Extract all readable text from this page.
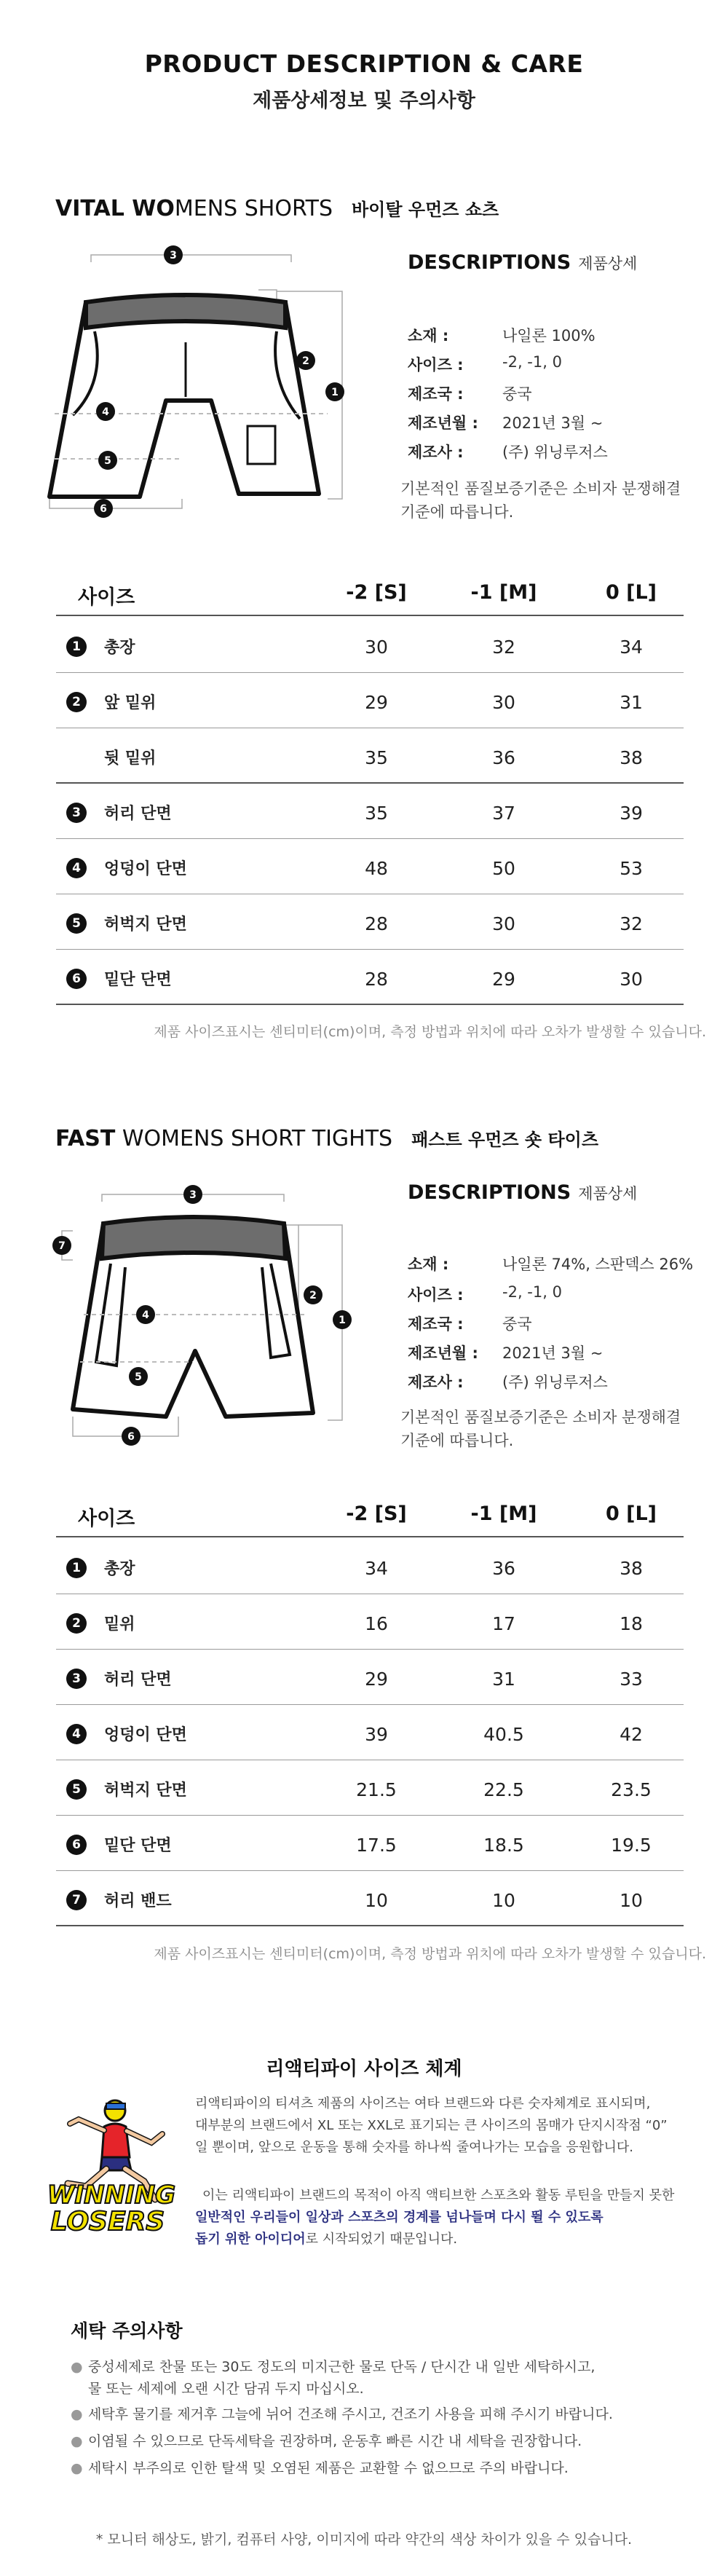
PRODUCT DESCRIPTION & CARE
제품상세정보 및 주의사항
VITAL WOMENS SHORTS 바이탈 우먼즈 쇼츠
3
2
1
4
5
6
DESCRIPTIONS 제품상세
소재 :	나일론 100%
사이즈 :	-2, -1, 0
제조국 :	중국
제조년월 : 2021년 3월 ~
제조사 :	(주) 위닝루저스
기본적인 품질보증기준은 소비자 분쟁해결
기준에 따릅니다.
사이즈	-2 [S]	-1 [M]	0 [L]
1	총장	30	32	34
2	앞 밑위	29	30	31
뒷 밑위	35	36	38
3	허리 단면	35	37	39
4	엉덩이 단면	48	50	53
5	허벅지 단면	28	30	32
6	밑단 단면	28	29	30
제품 사이즈표시는 센티미터(cm)이며, 측정 방법과 위치에 따라 오차가 발생할 수 있습니다.
FAST WOMENS SHORT TIGHTS 패스트 우먼즈 숏 타이츠
3
7
2
1
4
5
6
DESCRIPTIONS 제품상세
소재 :	나일론 74%, 스판덱스 26%
사이즈 :	-2, -1, 0
제조국 :	중국
제조년월 : 2021년 3월 ~
제조사 :	(주) 위닝루저스
기본적인 품질보증기준은 소비자 분쟁해결
기준에 따릅니다.
사이즈	-2 [S]	-1 [M]	0 [L]
1	총장	34	36	38
2	밑위	16	17	18
3	허리 단면	29	31	33
4	엉덩이 단면	39	40.5	42
5	허벅지 단면	21.5	22.5	23.5
6	밑단 단면	17.5	18.5	19.5
7	허리 밴드	10	10	10
제품 사이즈표시는 센티미터(cm)이며, 측정 방법과 위치에 따라 오차가 발생할 수 있습니다.
리액티파이 사이즈 체계
WINNING
LOSERS
리액티파이의 티셔츠 제품의 사이즈는 여타 브랜드와 다른 숫자체계로 표시되며,
대부분의 브랜드에서 XL 또는 XXL로 표기되는 큰 사이즈의 몸매가 단지시작점 “0”
일 뿐이며, 앞으로 운동을 통해 숫자를 하나씩 줄여나가는 모습을 응원합니다.
이는 리액티파이 브랜드의 목적이 아직 액티브한 스포츠와 활동 루틴을 만들지 못한
일반적인 우리들이 일상과 스포츠의 경계를 넘나들며 다시 뛸 수 있도록
돕기 위한 아이디어로 시작되었기 때문입니다.
세탁 주의사항
● 중성세제로 찬물 또는 30도 정도의 미지근한 물로 단독 / 단시간 내 일반 세탁하시고,
물 또는 세제에 오랜 시간 담궈 두지 마십시오.
● 세탁후 물기를 제거후 그늘에 뉘어 건조해 주시고, 건조기 사용을 피해 주시기 바랍니다.
● 이염될 수 있으므로 단독세탁을 권장하며, 운동후 빠른 시간 내 세탁을 권장합니다.
● 세탁시 부주의로 인한 탈색 및 오염된 제품은 교환할 수 없으므로 주의 바랍니다.
* 모니터 해상도, 밝기, 컴퓨터 사양, 이미지에 따라 약간의 색상 차이가 있을 수 있습니다.
